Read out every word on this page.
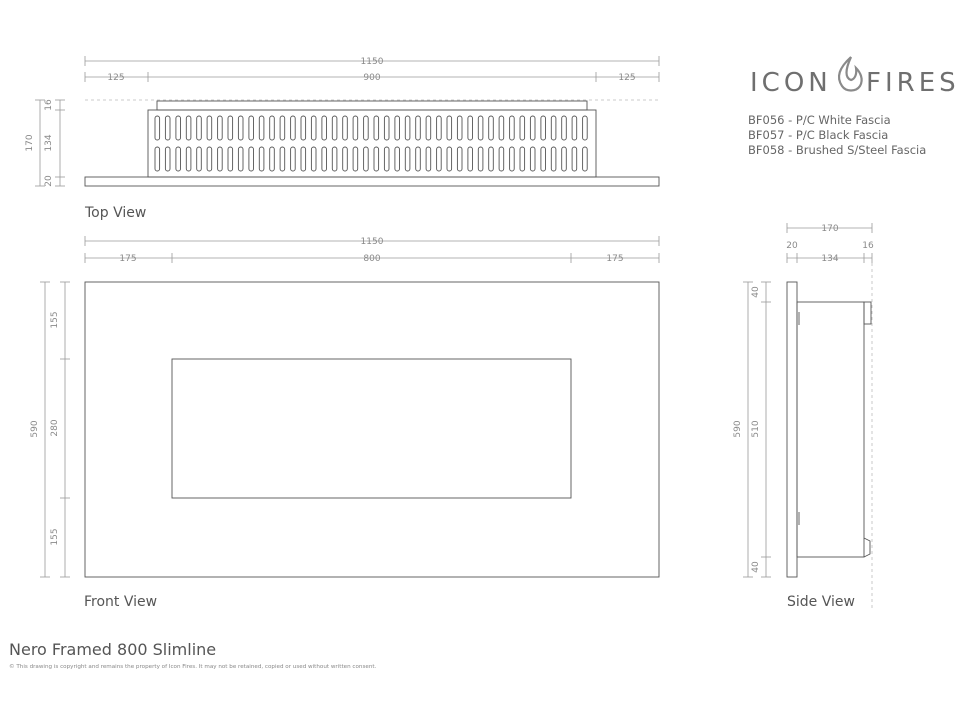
1150
125	900	125
170
16
134
20
1150
175	800	175
590
155
280
155
170
20
134
16
590
40
510
40
Top View
Front View	Side View
ICON FIRES
BF056 - P/C White Fascia
BF057 - P/C Black Fascia
BF058 - Brushed S/Steel Fascia
Nero Framed 800 Slimline
© This drawing is copyright and remains the property of Icon Fires. It may not be retained, copied or used without written consent.
